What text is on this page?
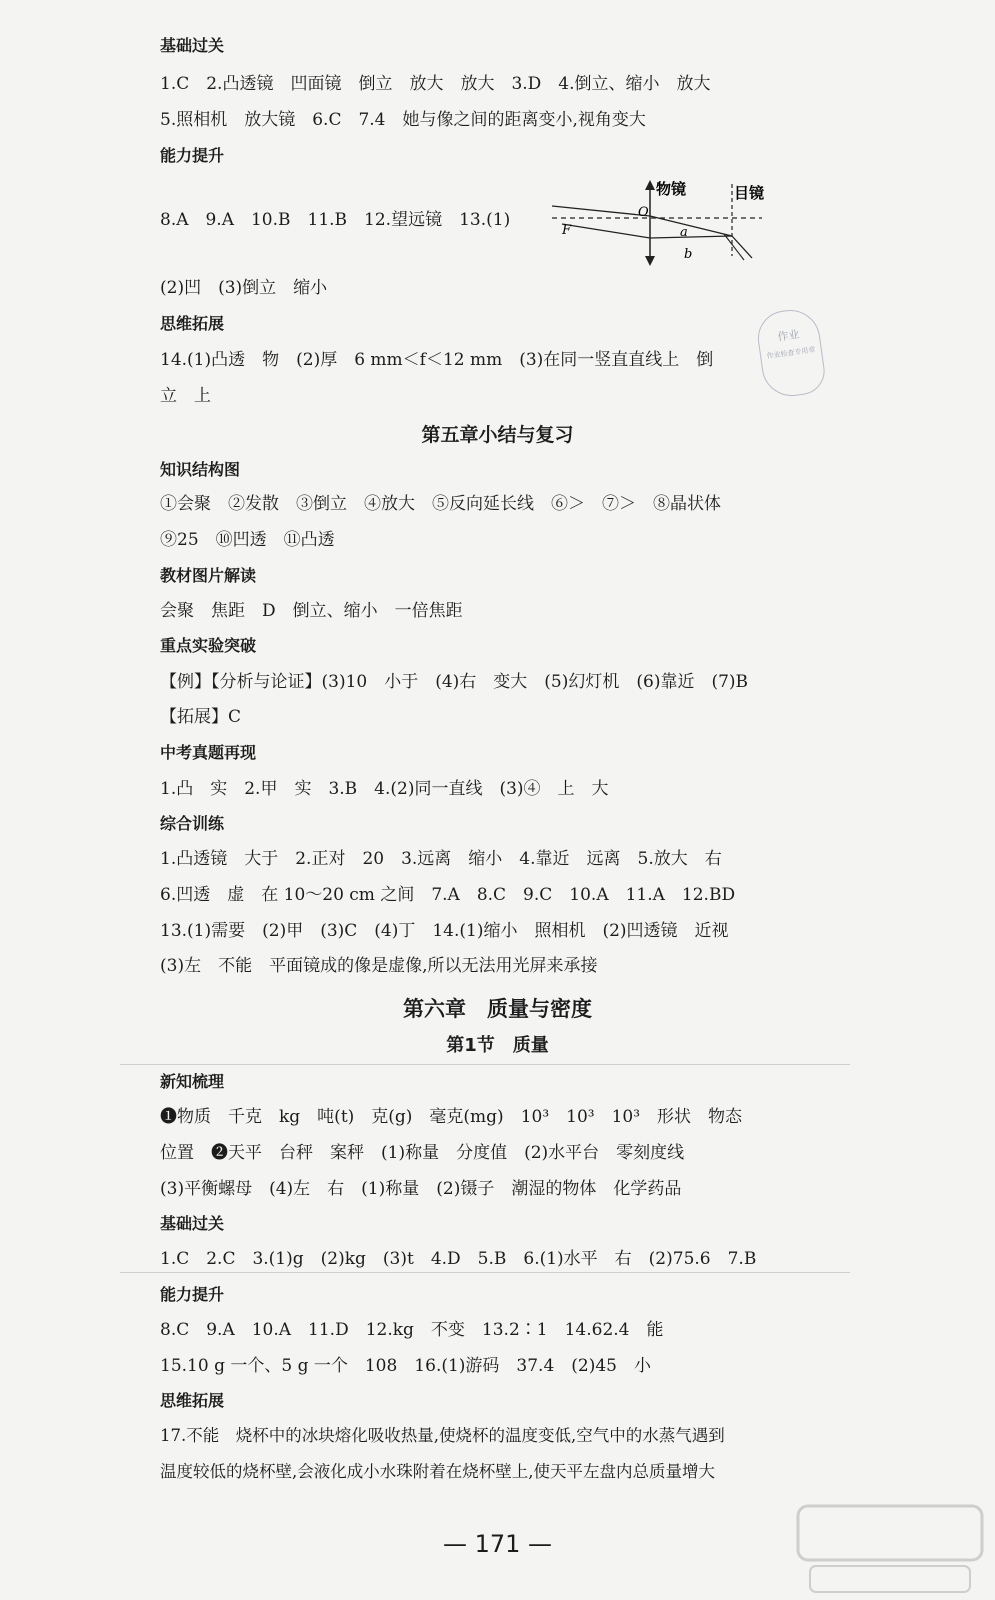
基础过关
1.C　2.凸透镜　凹面镜　倒立　放大　放大　3.D　4.倒立、缩小　放大
5.照相机　放大镜　6.C　7.4　她与像之间的距离变小,视角变大
能力提升
8.A　9.A　10.B　11.B　12.望远镜　13.(1)
物镜	目镜
O
F	a
b
(2)凹　(3)倒立　缩小
思维拓展
14.(1)凸透　物　(2)厚　6 mm＜f＜12 mm　(3)在同一竖直直线上　倒
立　上
作业
作业检查专用章
第五章小结与复习
知识结构图
①会聚　②发散　③倒立　④放大　⑤反向延长线　⑥＞　⑦＞　⑧晶状体
⑨25　⑩凹透　⑪凸透
教材图片解读
会聚　焦距　D　倒立、缩小　一倍焦距
重点实验突破
【例】【分析与论证】(3)10　小于　(4)右　变大　(5)幻灯机　(6)靠近　(7)B
【拓展】C
中考真题再现
1.凸　实　2.甲　实　3.B　4.(2)同一直线　(3)④　上　大
综合训练
1.凸透镜　大于　2.正对　20　3.远离　缩小　4.靠近　远离　5.放大　右
6.凹透　虚　在 10～20 cm 之间　7.A　8.C　9.C　10.A　11.A　12.BD
13.(1)需要　(2)甲　(3)C　(4)丁　14.(1)缩小　照相机　(2)凹透镜　近视
(3)左　不能　平面镜成的像是虚像,所以无法用光屏来承接
第六章　质量与密度
第1节　质量
新知梳理
❶物质　千克　kg　吨(t)　克(g)　毫克(mg)　10³　10³　10³　形状　物态
位置　❷天平　台秤　案秤　(1)称量　分度值　(2)水平台　零刻度线
(3)平衡螺母　(4)左　右　(1)称量　(2)镊子　潮湿的物体　化学药品
基础过关
1.C　2.C　3.(1)g　(2)kg　(3)t　4.D　5.B　6.(1)水平　右　(2)75.6　7.B
能力提升
8.C　9.A　10.A　11.D　12.kg　不变　13.2∶1　14.62.4　能
15.10 g 一个、5 g 一个　108　16.(1)游码　37.4　(2)45　小
思维拓展
17.不能　烧杯中的冰块熔化吸收热量,使烧杯的温度变低,空气中的水蒸气遇到
温度较低的烧杯壁,会液化成小水珠附着在烧杯壁上,使天平左盘内总质量增大
— 171 —
